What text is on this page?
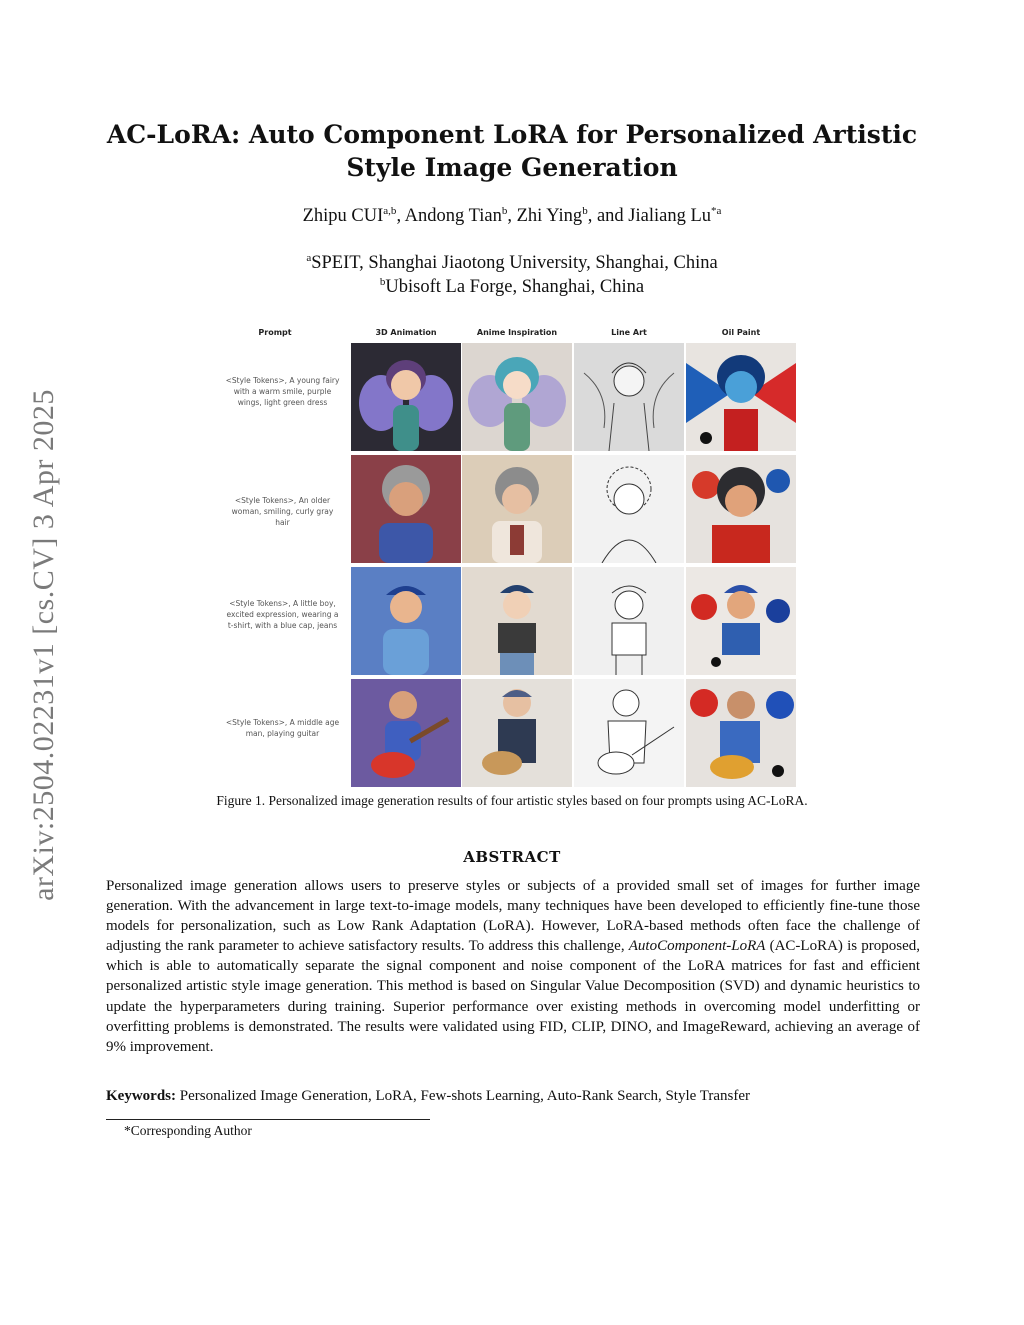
arXiv:2504.02231v1 [cs.CV] 3 Apr 2025
AC-LoRA: Auto Component LoRA for Personalized Artistic
Style Image Generation
Zhipu CUI$^{a,b}$, Andong Tian$^b$, Zhi Ying$^b$, and Jialiang Lu$^{*a}$
$^a$SPEIT, Shanghai Jiaotong University, Shanghai, China
$^b$Ubisoft La Forge, Shanghai, China
Prompt	3D Animation	Anime Inspiration	Line Art	Oil Paint
<Style Tokens>, A young fairy with a warm smile, purple wings, light green dress
<Style Tokens>, An older woman, smiling, curly gray hair
<Style Tokens>, A little boy, excited expression, wearing a t-shirt, with a blue cap, jeans
<Style Tokens>, A middle age man, playing guitar
Figure 1. Personalized image generation results of four artistic styles based on four prompts using AC-LoRA.
ABSTRACT

Personalized image generation allows users to preserve styles or subjects of a provided small set of images for further image generation. With the advancement in large text-to-image models, many techniques have been developed to efficiently fine-tune those models for personalization, such as Low Rank Adaptation (LoRA). However, LoRA-based methods often face the challenge of adjusting the rank parameter to achieve satisfactory results. To address this challenge, AutoComponent-LoRA (AC-LoRA) is proposed, which is able to automatically separate the signal component and noise component of the LoRA matrices for fast and efficient personalized artistic style image generation. This method is based on Singular Value Decomposition (SVD) and dynamic heuristics to update the hyperparameters during training. Superior performance over existing methods in overcoming model underfitting or overfitting problems is demonstrated. The results were validated using FID, CLIP, DINO, and ImageReward, achieving an average of 9% improvement.

Keywords: Personalized Image Generation, LoRA, Few-shots Learning, Auto-Rank Search, Style Transfer
*Corresponding Author
